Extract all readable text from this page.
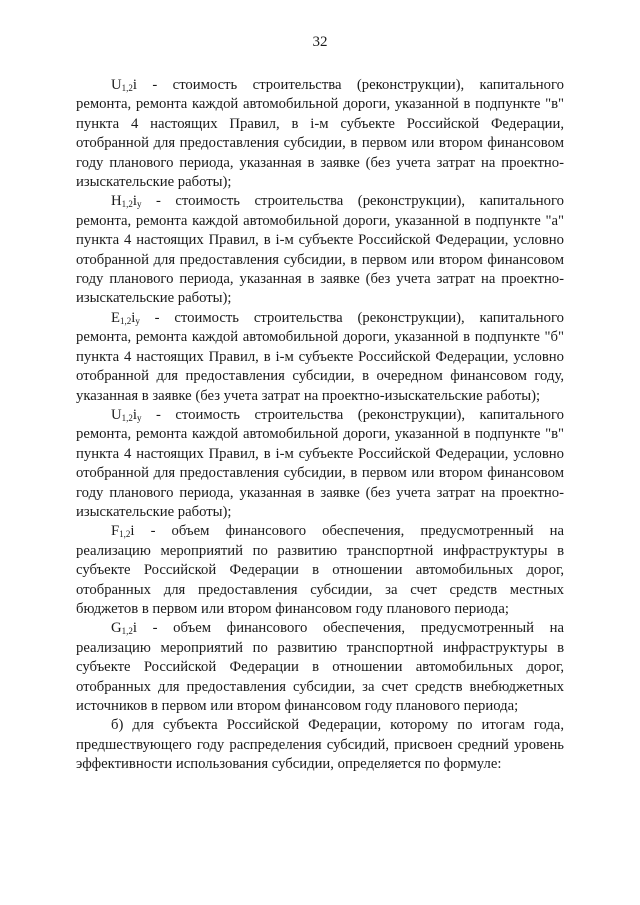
32

$U_{1,2}i$ - стоимость строительства (реконструкции), капитального ремонта, ремонта каждой автомобильной дороги, указанной в подпункте "в" пункта 4 настоящих Правил, в i-м субъекте Российской Федерации, отобранной для предоставления субсидии, в первом или втором финансовом году планового периода, указанная в заявке (без учета затрат на проектно-изыскательские работы);

$H_{1,2}i_у$ - стоимость строительства (реконструкции), капитального ремонта, ремонта каждой автомобильной дороги, указанной в подпункте "а" пункта 4 настоящих Правил, в i-м субъекте Российской Федерации, условно отобранной для предоставления субсидии, в первом или втором финансовом году планового периода, указанная в заявке (без учета затрат на проектно-изыскательские работы);

$E_{1,2}i_у$ - стоимость строительства (реконструкции), капитального ремонта, ремонта каждой автомобильной дороги, указанной в подпункте "б" пункта 4 настоящих Правил, в i-м субъекте Российской Федерации, условно отобранной для предоставления субсидии, в очередном финансовом году, указанная в заявке (без учета затрат на проектно-изыскательские работы);

$U_{1,2}i_у$ - стоимость строительства (реконструкции), капитального ремонта, ремонта каждой автомобильной дороги, указанной в подпункте "в" пункта 4 настоящих Правил, в i-м субъекте Российской Федерации, условно отобранной для предоставления субсидии, в первом или втором финансовом году планового периода, указанная в заявке (без учета затрат на проектно-изыскательские работы);

$F_{1,2}i$ - объем финансового обеспечения, предусмотренный на реализацию мероприятий по развитию транспортной инфраструктуры в субъекте Российской Федерации в отношении автомобильных дорог, отобранных для предоставления субсидии, за счет средств местных бюджетов в первом или втором финансовом году планового периода;

$G_{1,2}i$ - объем финансового обеспечения, предусмотренный на реализацию мероприятий по развитию транспортной инфраструктуры в субъекте Российской Федерации в отношении автомобильных дорог, отобранных для предоставления субсидии, за счет средств внебюджетных источников в первом или втором финансовом году планового периода;

б) для субъекта Российской Федерации, которому по итогам года, предшествующего году распределения субсидий, присвоен средний уровень эффективности использования субсидии, определяется по формуле:
